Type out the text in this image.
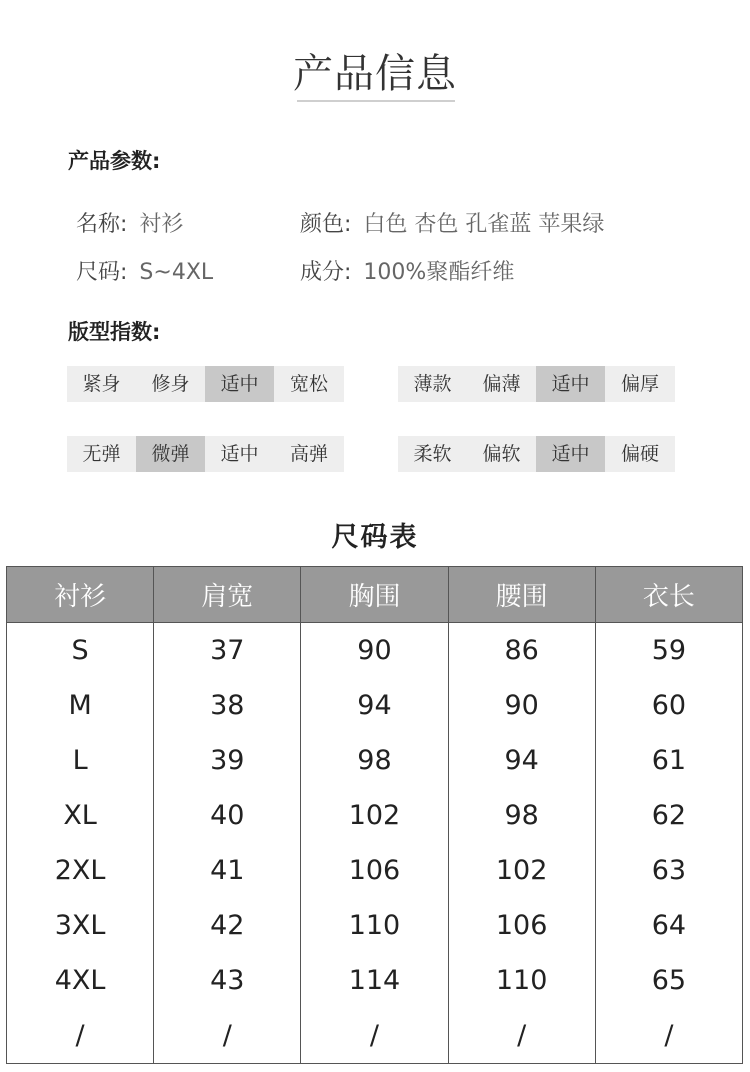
产品信息
产品参数:
名称: 衬衫
尺码: S~4XL
颜色: 白色 杏色 孔雀蓝 苹果绿
成分: 100%聚酯纤维
版型指数:
紧身	修身	适中	宽松	薄款	偏薄	适中	偏厚
无弹	微弹	适中	高弹	柔软	偏软	适中	偏硬
尺码表
衬衫	肩宽	胸围	腰围	衣长
S	37	90	86	59
M	38	94	90	60
L	39	98	94	61
XL	40	102	98	62
2XL	41	106	102	63
3XL	42	110	106	64
4XL	43	114	110	65
/	/	/	/	/
